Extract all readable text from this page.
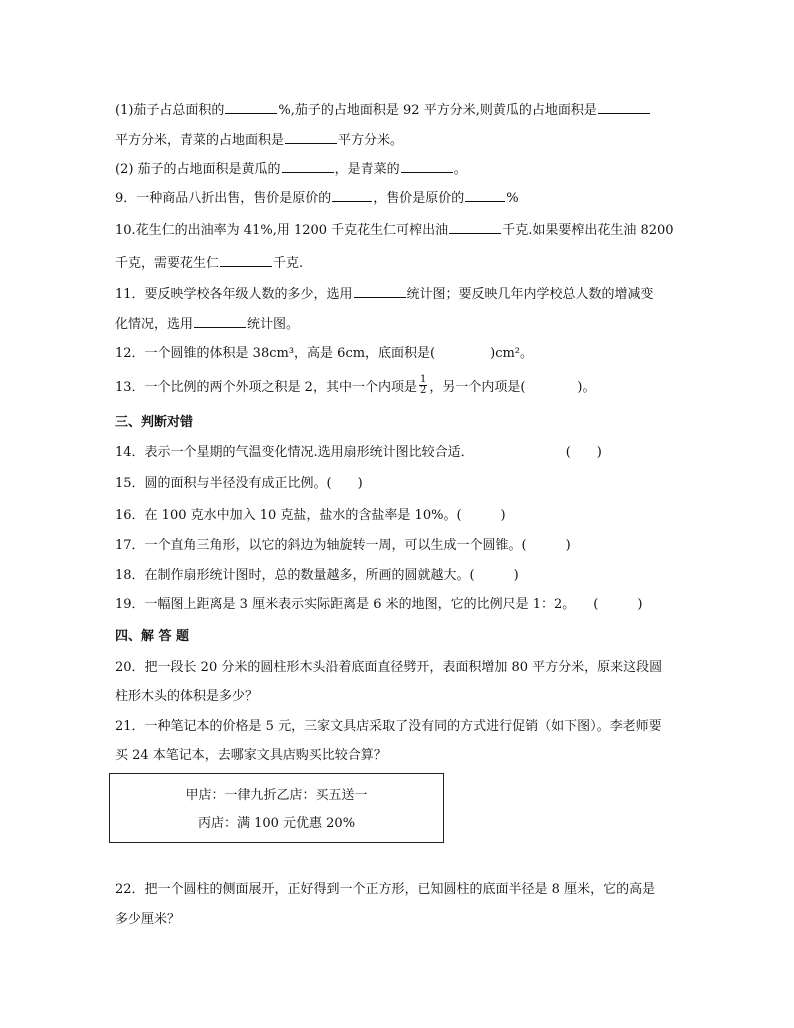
(1)茄子占总面积的	%,茄子的占地面积是 92 平方分米,则黄瓜的占地面积是
平方分米，青菜的占地面积是	平方分米。
(2) 茄子的占地面积是黄瓜的	，是青菜的	。
9．一种商品八折出售，售价是原价的	，售价是原价的	%
10.花生仁的出油率为 41%,用 1200 千克花生仁可榨出油	千克.如果要榨出花生油 8200
千克，需要花生仁	千克.
11．要反映学校各年级人数的多少，选用	统计图；要反映几年内学校总人数的增减变
化情况，选用	统计图。
12．一个圆锥的体积是 38cm³，高是 6cm，底面积是(	)cm²。
13．一个比例的两个外项之积是 2，其中一个内项是 $\frac{1}{2}$ ，另一个内项是(	)。
三、判断对错
14．表示一个星期的气温变化情况.选用扇形统计图比较合适．	(　　)
15．圆的面积与半径没有成正比例。(　　)
16．在 100 克水中加入 10 克盐，盐水的含盐率是 10%。(　　　)
17．一个直角三角形，以它的斜边为轴旋转一周，可以生成一个圆锥。(　　　)
18．在制作扇形统计图时，总的数量越多，所画的圆就越大。(　　　)
19．一幅图上距离是 3 厘米表示实际距离是 6 米的地图，它的比例尺是 1：2。 (　　　)
四、解 答 题
20．把一段长 20 分米的圆柱形木头沿着底面直径劈开，表面积增加 80 平方分米，原来这段圆
柱形木头的体积是多少？
21．一种笔记本的价格是 5 元，三家文具店采取了没有同的方式进行促销（如下图）。李老师要
买 24 本笔记本，去哪家文具店购买比较合算？
甲店：一律九折乙店：买五送一
丙店：满 100 元优惠 20%
22．把一个圆柱的侧面展开，正好得到一个正方形，已知圆柱的底面半径是 8 厘米，它的高是
多少厘米？
